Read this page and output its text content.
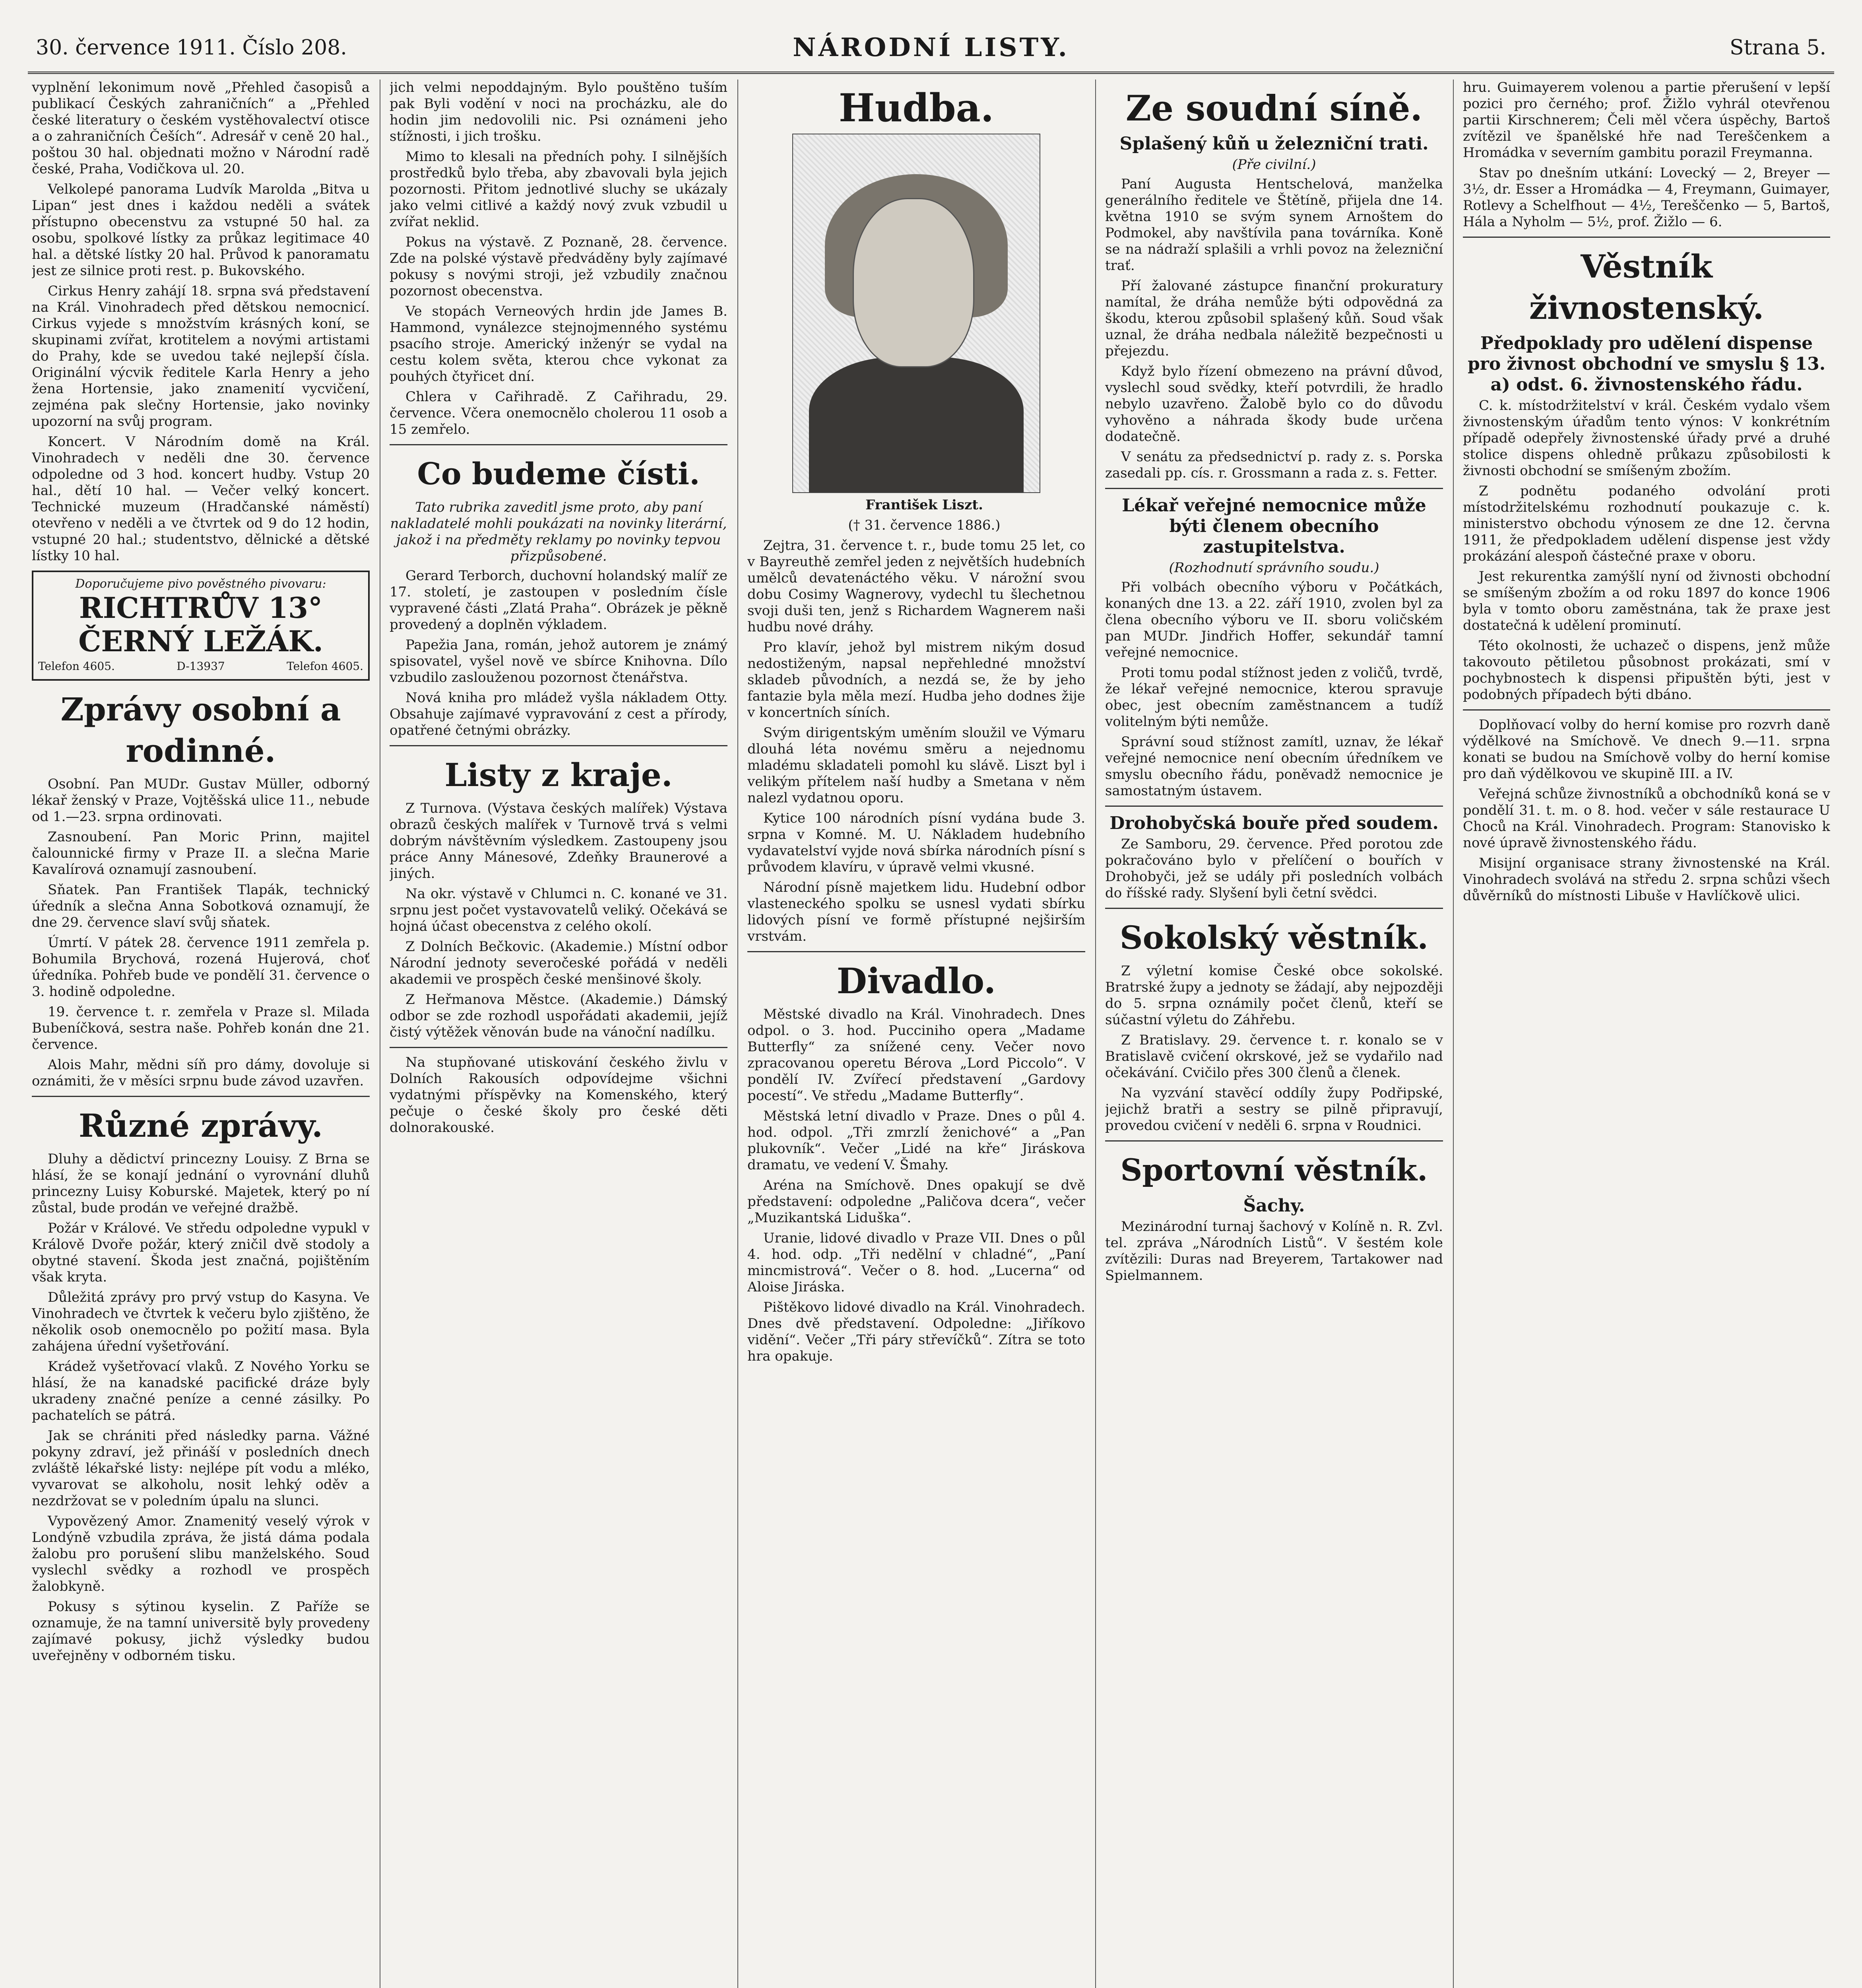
30. července 1911. Číslo 208.	NÁRODNÍ LISTY.	Strana 5.

vyplnění lekonimum nově „Přehled časopisů a publikací Českých zahraničních“ a „Přehled české literatury o českém vystěhovalectví otisce a o zahraničních Češích“. Adresář v ceně 20 hal., poštou 30 hal. objednati možno v Národní radě české, Praha, Vodičkova ul. 20.

Velkolepé panorama Ludvík Marolda „Bitva u Lipan“ jest dnes i každou neděli a svátek přístupno obecenstvu za vstupné 50 hal. za osobu, spolkové lístky za průkaz legitimace 40 hal. a dětské lístky 20 hal. Průvod k panoramatu jest ze silnice proti rest. p. Bukovského.

Cirkus Henry zahájí 18. srpna svá představení na Král. Vinohradech před dětskou nemocnicí. Cirkus vyjede s množstvím krásných koní, se skupinami zvířat, krotitelem a novými artistami do Prahy, kde se uvedou také nejlepší čísla. Originální výcvik ředitele Karla Henry a jeho žena Hortensie, jako znamenití vycvičení, zejména pak slečny Hortensie, jako novinky upozorní na svůj program.

Koncert. V Národním domě na Král. Vinohradech v neděli dne 30. července odpoledne od 3 hod. koncert hudby. Vstup 20 hal., dětí 10 hal. — Večer velký koncert. Technické muzeum (Hradčanské náměstí) otevřeno v neděli a ve čtvrtek od 9 do 12 hodin, vstupné 20 hal.; studentstvo, dělnické a dětské lístky 10 hal.

Doporučujeme pivo pověstného pivovaru:
RICHTRŮV 13° ČERNÝ LEŽÁK.
Telefon 4605.	D-13937	Telefon 4605.
Zprávy osobní a rodinné.

Osobní. Pan MUDr. Gustav Müller, odborný lékař ženský v Praze, Vojtěšská ulice 11., nebude od 1.—23. srpna ordinovati.

Zasnoubení. Pan Moric Prinn, majitel čalounnické firmy v Praze II. a slečna Marie Kavalírová oznamují zasnoubení.

Sňatek. Pan František Tlapák, technický úředník a slečna Anna Sobotková oznamují, že dne 29. července slaví svůj sňatek.

Úmrtí. V pátek 28. července 1911 zemřela p. Bohumila Brychová, rozená Hujerová, choť úředníka. Pohřeb bude ve pondělí 31. července o 3. hodině odpoledne.

19. července t. r. zemřela v Praze sl. Milada Bubeníčková, sestra naše. Pohřeb konán dne 21. července.

Alois Mahr, mědni síň pro dámy, dovoluje si oznámiti, že v měsíci srpnu bude závod uzavřen.

Různé zprávy.

Dluhy a dědictví princezny Louisy. Z Brna se hlásí, že se konají jednání o vyrovnání dluhů princezny Luisy Koburské. Majetek, který po ní zůstal, bude prodán ve veřejné dražbě.

Požár v Králové. Ve středu odpoledne vypukl v Králově Dvoře požár, který zničil dvě stodoly a obytné stavení. Škoda jest značná, pojištěním však kryta.

Důležitá zprávy pro prvý vstup do Kasyna. Ve Vinohradech ve čtvrtek k večeru bylo zjištěno, že několik osob onemocnělo po požití masa. Byla zahájena úřední vyšetřování.

Krádež vyšetřovací vlaků. Z Nového Yorku se hlásí, že na kanadské pacifické dráze byly ukradeny značné peníze a cenné zásilky. Po pachatelích se pátrá.

Jak se chrániti před následky parna. Vážné pokyny zdraví, jež přináší v posledních dnech zvláště lékařské listy: nejlépe pít vodu a mléko, vyvarovat se alkoholu, nosit lehký oděv a nezdržovat se v poledním úpalu na slunci.

Vypovězený Amor. Znamenitý veselý výrok v Londýně vzbudila zpráva, že jistá dáma podala žalobu pro porušení slibu manželského. Soud vyslechl svědky a rozhodl ve prospěch žalobkyně.

Pokusy s sýtinou kyselin. Z Paříže se oznamuje, že na tamní universitě byly provedeny zajímavé pokusy, jichž výsledky budou uveřejněny v odborném tisku.

jich velmi nepoddajným. Bylo pouštěno tuším pak Byli vodění v noci na procházku, ale do hodin jim nedovolili nic. Psi oznámeni jeho stížnosti, i jich trošku.

Mimo to klesali na předních pohy. I silnějších prostředků bylo třeba, aby zbavovali byla jejich pozornosti. Přitom jednotlivé sluchy se ukázaly jako velmi citlivé a každý nový zvuk vzbudil u zvířat neklid.

Pokus na výstavě. Z Poznaně, 28. července. Zde na polské výstavě předváděny byly zajímavé pokusy s novými stroji, jež vzbudily značnou pozornost obecenstva.

Ve stopách Verneových hrdin jde James B. Hammond, vynálezce stejnojmenného systému psacího stroje. Americký inženýr se vydal na cestu kolem světa, kterou chce vykonat za pouhých čtyřicet dní.

Chlera v Cařihradě. Z Cařihradu, 29. července. Včera onemocnělo cholerou 11 osob a 15 zemřelo.

Co budeme čísti.

Tato rubrika zaveditl jsme proto, aby paní nakladatelé mohli poukázati na novinky literární, jakož i na předměty reklamy po novinky tepvou přizpůsobené.

Gerard Terborch, duchovní holandský malíř ze 17. století, je zastoupen v posledním čísle vypravené části „Zlatá Praha“. Obrázek je pěkně provedený a doplněn výkladem.

Papežia Jana, román, jehož autorem je známý spisovatel, vyšel nově ve sbírce Knihovna. Dílo vzbudilo zaslouženou pozornost čtenářstva.

Nová kniha pro mládež vyšla nákladem Otty. Obsahuje zajímavé vypravování z cest a přírody, opatřené četnými obrázky.

Listy z kraje.

Z Turnova. (Výstava českých malířek) Výstava obrazů českých malířek v Turnově trvá s velmi dobrým návštěvním výsledkem. Zastoupeny jsou práce Anny Mánesové, Zdeňky Braunerové a jiných.

Na okr. výstavě v Chlumci n. C. konané ve 31. srpnu jest počet vystavovatelů veliký. Očekává se hojná účast obecenstva z celého okolí.

Z Dolních Bečkovic. (Akademie.) Místní odbor Národní jednoty severočeské pořádá v neděli akademii ve prospěch české menšinové školy.

Z Heřmanova Městce. (Akademie.) Dámský odbor se zde rozhodl uspořádati akademii, jejíž čistý výtěžek věnován bude na vánoční nadílku.

Na stupňované utiskování českého živlu v Dolních Rakousích odpovídejme všichni vydatnými příspěvky na Komenského, který pečuje o české školy pro české děti dolnorakouské.

Hudba.

František Liszt.

(† 31. července 1886.)

Zejtra, 31. července t. r., bude tomu 25 let, co v Bayreuthě zemřel jeden z největších hudebních umělců devatenáctého věku. V nárožní svou dobu Cosimy Wagnerovy, vydechl tu šlechetnou svoji duši ten, jenž s Richardem Wagnerem naši hudbu nové dráhy.

Pro klavír, jehož byl mistrem nikým dosud nedostiženým, napsal nepřehledné množství skladeb původních, a nezdá se, že by jeho fantazie byla měla mezí. Hudba jeho dodnes žije v koncertních síních.

Svým dirigentským uměním sloužil ve Výmaru dlouhá léta novému směru a nejednomu mladému skladateli pomohl ku slávě. Liszt byl i velikým přítelem naší hudby a Smetana v něm nalezl vydatnou oporu.

Kytice 100 národních písní vydána bude 3. srpna v Komné. M. U. Nákladem hudebního vydavatelství vyjde nová sbírka národních písní s průvodem klavíru, v úpravě velmi vkusné.

Národní písně majetkem lidu. Hudební odbor vlasteneckého spolku se usnesl vydati sbírku lidových písní ve formě přístupné nejširším vrstvám.

Divadlo.

Městské divadlo na Král. Vinohradech. Dnes odpol. o 3. hod. Pucciniho opera „Madame Butterfly“ za snížené ceny. Večer novo zpracovanou operetu Bérova „Lord Piccolo“. V pondělí IV. Zvířecí představení „Gardovy pocestí“. Ve středu „Madame Butterfly“.

Městská letní divadlo v Praze. Dnes o půl 4. hod. odpol. „Tři zmrzlí ženichové“ a „Pan plukovník“. Večer „Lidé na kře“ Jiráskova dramatu, ve vedení V. Šmahy.

Aréna na Smíchově. Dnes opakují se dvě představení: odpoledne „Paličova dcera“, večer „Muzikantská Liduška“.

Uranie, lidové divadlo v Praze VII. Dnes o půl 4. hod. odp. „Tři nedělní v chladné“, „Paní mincmistrová“. Večer o 8. hod. „Lucerna“ od Aloise Jiráska.

Pištěkovo lidové divadlo na Král. Vinohradech. Dnes dvě představení. Odpoledne: „Jiříkovo vidění“. Večer „Tři páry střevíčků“. Zítra se toto hra opakuje.

Ze soudní síně.
Splašený kůň u železniční trati.

(Pře civilní.)

Paní Augusta Hentschelová, manželka generálního ředitele ve Štětíně, přijela dne 14. května 1910 se svým synem Arnoštem do Podmokel, aby navštívila pana továrníka. Koně se na nádraží splašili a vrhli povoz na železniční trať.

Pří žalované zástupce finanční prokuratury namítal, že dráha nemůže býti odpovědná za škodu, kterou způsobil splašený kůň. Soud však uznal, že dráha nedbala náležitě bezpečnosti u přejezdu.

Když bylo řízení obmezeno na právní důvod, vyslechl soud svědky, kteří potvrdili, že hradlo nebylo uzavřeno. Žalobě bylo co do důvodu vyhověno a náhrada škody bude určena dodatečně.

V senátu za předsednictví p. rady z. s. Porska zasedali pp. cís. r. Grossmann a rada z. s. Fetter.

Lékař veřejné nemocnice může býti členem obecního zastupitelstva.

(Rozhodnutí správního soudu.)

Při volbách obecního výboru v Počátkách, konaných dne 13. a 22. září 1910, zvolen byl za člena obecního výboru ve II. sboru voličském pan MUDr. Jindřich Hoffer, sekundář tamní veřejné nemocnice.

Proti tomu podal stížnost jeden z voličů, tvrdě, že lékař veřejné nemocnice, kterou spravuje obec, jest obecním zaměstnancem a tudíž volitelným býti nemůže.

Správní soud stížnost zamítl, uznav, že lékař veřejné nemocnice není obecním úředníkem ve smyslu obecního řádu, poněvadž nemocnice je samostatným ústavem.

Drohobyčská bouře před soudem.

Ze Samboru, 29. července. Před porotou zde pokračováno bylo v přelíčení o bouřích v Drohobyči, jež se udály při posledních volbách do říšské rady. Slyšení byli četní svědci.

Sokolský věstník.

Z výletní komise České obce sokolské. Bratrské župy a jednoty se žádají, aby nejpozději do 5. srpna oznámily počet členů, kteří se súčastní výletu do Záhřebu.

Z Bratislavy. 29. července t. r. konalo se v Bratislavě cvičení okrskové, jež se vydařilo nad očekávání. Cvičilo přes 300 členů a členek.

Na vyzvání stavěcí oddíly župy Podřipské, jejichž bratři a sestry se pilně připravují, provedou cvičení v neděli 6. srpna v Roudnici.

Sportovní věstník.
Šachy.

Mezinárodní turnaj šachový v Kolíně n. R. Zvl. tel. zpráva „Národních Listů“. V šestém kole zvítězili: Duras nad Breyerem, Tartakower nad Spielmannem.

hru. Guimayerem volenou a partie přerušení v lepší pozici pro černého; prof. Žižlo vyhrál otevřenou partii Kirschnerem; Čeli měl včera úspěchy, Bartoš zvítězil ve španělské hře nad Tereščenkem a Hromádka v severním gambitu porazil Freymanna.

Stav po dnešním utkání: Lovecký — 2, Breyer — 3½, dr. Esser a Hromádka — 4, Freymann, Guimayer, Rotlevy a Schelfhout — 4½, Tereščenko — 5, Bartoš, Hála a Nyholm — 5½, prof. Žižlo — 6.

Věstník živnostenský.
Předpoklady pro udělení dispense pro živnost obchodní ve smyslu § 13. a) odst. 6. živnostenského řádu.

C. k. místodržitelství v král. Českém vydalo všem živnostenským úřadům tento výnos: V konkrétním případě odepřely živnostenské úřady prvé a druhé stolice dispens ohledně průkazu způsobilosti k živnosti obchodní se smíšeným zbožím.

Z podnětu podaného odvolání proti místodržitelskému rozhodnutí poukazuje c. k. ministerstvo obchodu výnosem ze dne 12. června 1911, že předpokladem udělení dispense jest vždy prokázání alespoň částečné praxe v oboru.

Jest rekurentka zamýšlí nyní od živnosti obchodní se smíšeným zbožím a od roku 1897 do konce 1906 byla v tomto oboru zaměstnána, tak že praxe jest dostatečná k udělení prominutí.

Této okolnosti, že uchazeč o dispens, jenž může takovouto pětiletou působnost prokázati, smí v pochybnostech k dispensi připuštěn býti, jest v podobných případech býti dbáno.

Doplňovací volby do herní komise pro rozvrh daně výdělkové na Smíchově. Ve dnech 9.—11. srpna konati se budou na Smíchově volby do herní komise pro daň výdělkovou ve skupině III. a IV.

Veřejná schůze živnostníků a obchodníků koná se v pondělí 31. t. m. o 8. hod. večer v sále restaurace U Choců na Král. Vinohradech. Program: Stanovisko k nové úpravě živnostenského řádu.

Misijní organisace strany živnostenské na Král. Vinohradech svolává na středu 2. srpna schůzi všech důvěrníků do místnosti Libuše v Havlíčkově ulici.
